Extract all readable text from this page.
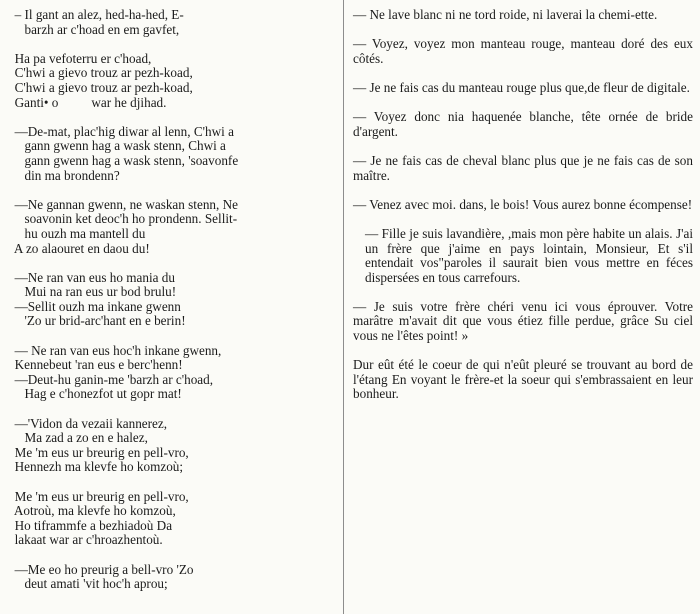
– Il gant an alez, hed-ha-hed, E-
barzh ar c'hoad en em gavfet,
Ha pa vefoterru er c'hoad,
C'hwi a gievo trouz ar pezh-koad,
C'hwi a gievo trouz ar pezh-koad,
Ganti• o          war he djihad.
—De-mat, plac'hig diwar al lenn, C'hwi a
gann gwenn hag a wask stenn, Chwi a
gann gwenn hag a wask stenn, 'soavonfe
din ma brondenn?
—Ne gannan gwenn, ne waskan stenn, Ne
soavonin ket deoc'h ho prondenn. Sellit-
hu ouzh ma mantell du
A zo alaouret en daou du!
—Ne ran van eus ho mania du
Mui na ran eus ur bod brulu!
—Sellit ouzh ma inkane gwenn
'Zo ur brid-arc'hant en e berin!
— Ne ran van eus hoc'h inkane gwenn,
Kennebeut 'ran eus e berc'henn!
—Deut-hu ganin-me 'barzh ar c'hoad,
Hag e c'honezfot ut gopr mat!
—'Vidon da vezaii kannerez,
Ma zad a zo en e halez,
Me 'm eus ur breurig en pell-vro,
Hennezh ma klevfe ho komzoù;
Me 'm eus ur breurig en pell-vro,
Aotroù, ma klevfe ho komzoù,
Ho tiframmfe a bezhiadoù Da
lakaat war ar c'hroazhentoù.
—Me eo ho preurig a bell-vro 'Zo
deut amati 'vit hoc'h aprou;

— Ne lave blanc ni ne tord roide, ni laverai la chemi-ette.

— Voyez, voyez mon manteau rouge, manteau doré des eux côtés.

— Je ne fais cas du manteau rouge plus que,de fleur de digitale.

— Voyez donc nia haquenée blanche, tête ornée de bride d'argent.

— Je ne fais cas de cheval blanc plus que je ne fais cas de son maître.

— Venez avec moi. dans, le bois! Vous aurez bonne écompense!

— Fille je suis lavandière, ,mais mon père habite un alais. J'ai un frère que j'aime en pays lointain, Monsieur, Et s'il entendait vos"paroles il saurait bien vous mettre en féces dispersées en tous carrefours.

— Je suis votre frère chéri venu ici vous éprouver. Votre marâtre m'avait dit que vous étiez fille perdue, grâce Su ciel vous ne l'êtes point! »

Dur eût été le coeur de qui n'eût pleuré se trouvant au bord de l'étang En voyant le frère-et la soeur qui s'embrassaient en leur bonheur.
